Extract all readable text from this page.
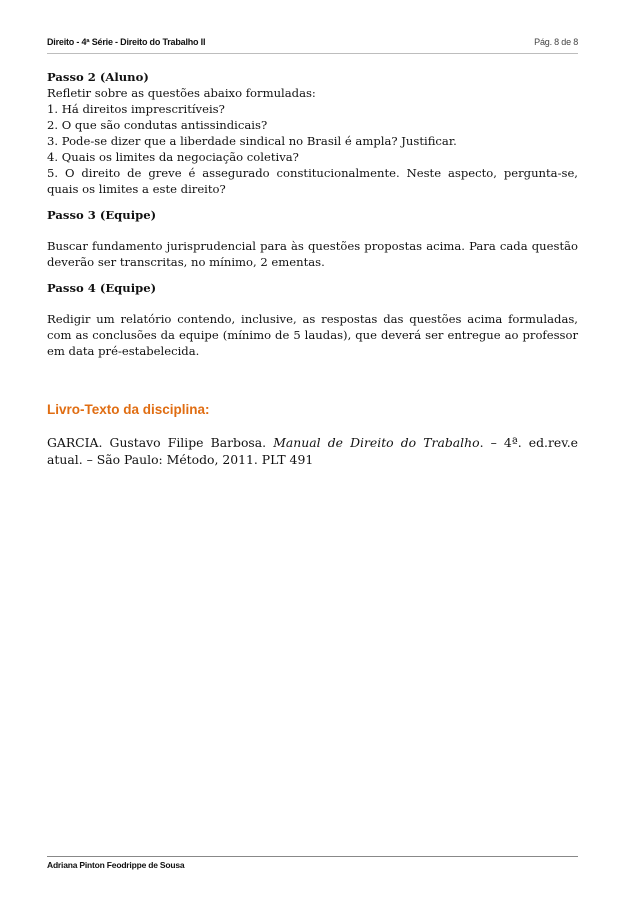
Direito - 4ª Série - Direito do Trabalho II	Pág. 8 de 8

Passo 2 (Aluno)

Refletir sobre as questões abaixo formuladas:
1. Há direitos imprescritíveis?
2. O que são condutas antissindicais?
3. Pode-se dizer que a liberdade sindical no Brasil é ampla? Justificar.
4. Quais os limites da negociação coletiva?

5. O direito de greve é assegurado constitucionalmente. Neste aspecto, pergunta-se, quais os limites a este direito?

Passo 3 (Equipe)

Buscar fundamento jurisprudencial para às questões propostas acima. Para cada questão deverão ser transcritas, no mínimo, 2 ementas.

Passo 4 (Equipe)

Redigir um relatório contendo, inclusive, as respostas das questões acima formuladas, com as conclusões da equipe (mínimo de 5 laudas), que deverá ser entregue ao professor em data pré-estabelecida.

Livro-Texto da disciplina:

GARCIA. Gustavo Filipe Barbosa. Manual de Direito do Trabalho. – 4ª. ed.rev.e atual. – São Paulo: Método, 2011. PLT 491

Adriana Pinton Feodrippe de Sousa
